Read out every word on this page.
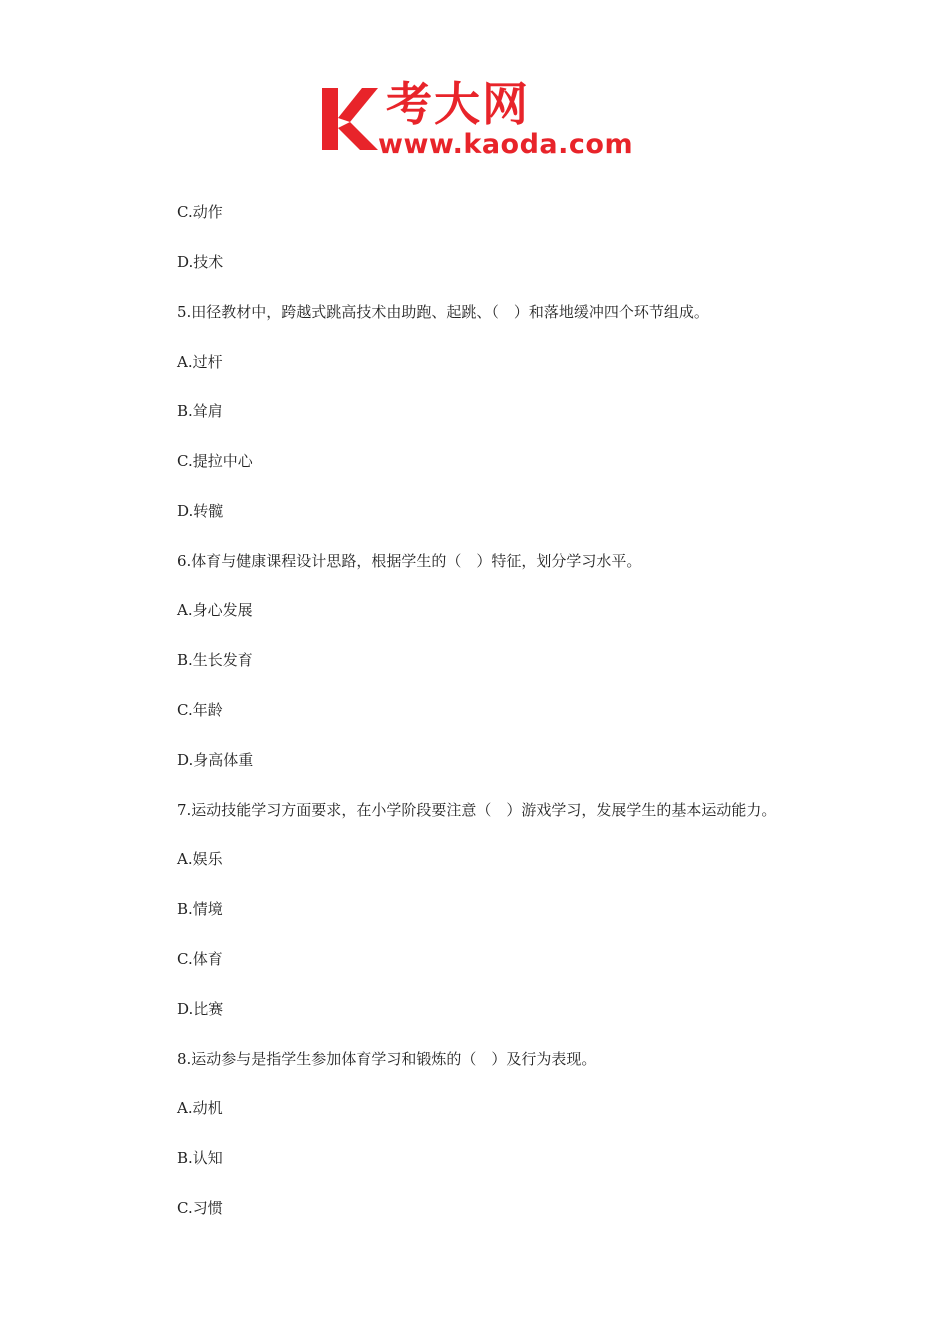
考大网
www.kaoda.com
C.动作
D.技术
5.田径教材中，跨越式跳高技术由助跑、起跳、（　）和落地缓冲四个环节组成。
A.过杆
B.耸肩
C.提拉中心
D.转髋
6.体育与健康课程设计思路，根据学生的（　）特征，划分学习水平。
A.身心发展
B.生长发育
C.年龄
D.身高体重
7.运动技能学习方面要求，在小学阶段要注意（　）游戏学习，发展学生的基本运动能力。
A.娱乐
B.情境
C.体育
D.比赛
8.运动参与是指学生参加体育学习和锻炼的（　）及行为表现。
A.动机
B.认知
C.习惯
